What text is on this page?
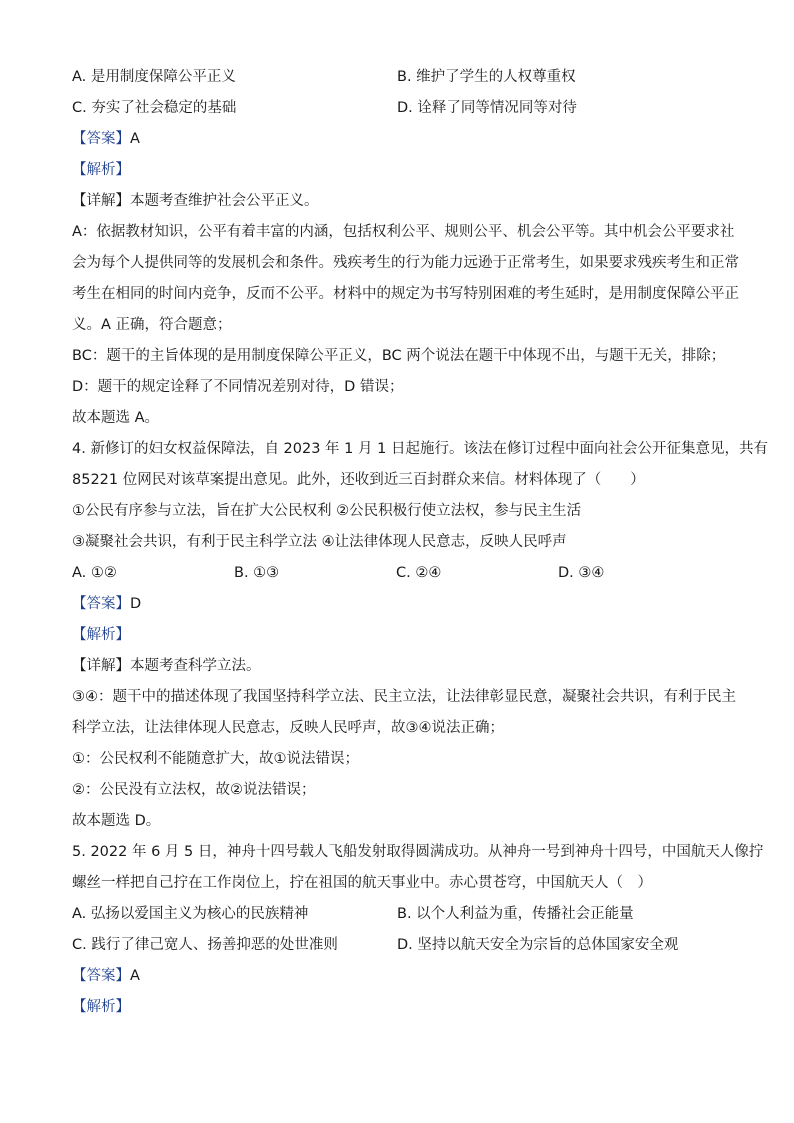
A. 是用制度保障公平正义	B. 维护了学生的人权尊重权
C. 夯实了社会稳定的基础	D. 诠释了同等情况同等对待
【答案】A
【解析】
【详解】本题考查维护社会公平正义。
A：依据教材知识，公平有着丰富的内涵，包括权利公平、规则公平、机会公平等。其中机会公平要求社
会为每个人提供同等的发展机会和条件。残疾考生的行为能力远逊于正常考生，如果要求残疾考生和正常
考生在相同的时间内竞争，反而不公平。材料中的规定为书写特别困难的考生延时，是用制度保障公平正
义。A 正确，符合题意；
BC：题干的主旨体现的是用制度保障公平正义，BC 两个说法在题干中体现不出，与题干无关，排除；
D：题干的规定诠释了不同情况差别对待，D 错误；
故本题选 A。
4. 新修订的妇女权益保障法，自 2023 年 1 月 1 日起施行。该法在修订过程中面向社会公开征集意见，共有
85221 位网民对该草案提出意见。此外，还收到近三百封群众来信。材料体现了（　　）
①公民有序参与立法，旨在扩大公民权利 ②公民积极行使立法权，参与民主生活
③凝聚社会共识，有利于民主科学立法 ④让法律体现人民意志，反映人民呼声
A. ①②	B. ①③	C. ②④	D. ③④
【答案】D
【解析】
【详解】本题考查科学立法。
③④：题干中的描述体现了我国坚持科学立法、民主立法，让法律彰显民意，凝聚社会共识，有利于民主
科学立法，让法律体现人民意志，反映人民呼声，故③④说法正确；
①：公民权利不能随意扩大，故①说法错误；
②：公民没有立法权，故②说法错误；
故本题选 D。
5. 2022 年 6 月 5 日，神舟十四号载人飞船发射取得圆满成功。从神舟一号到神舟十四号，中国航天人像拧
螺丝一样把自己拧在工作岗位上，拧在祖国的航天事业中。赤心贯苍穹，中国航天人（　）
A. 弘扬以爱国主义为核心的民族精神	B. 以个人利益为重，传播社会正能量
C. 践行了律己宽人、扬善抑恶的处世准则	D. 坚持以航天安全为宗旨的总体国家安全观
【答案】A
【解析】
